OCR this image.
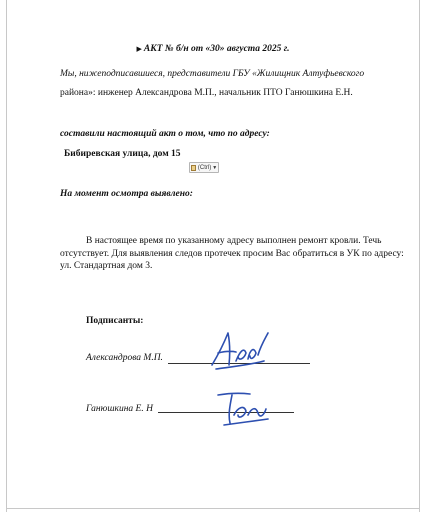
▶ АКТ № б/н от «30» августа 2025 г.
Мы, нижеподписавшиеся, представители ГБУ «Жилищник Алтуфьевского
района»: инженер Александрова М.П., начальник ПТО Ганюшкина Е.Н.
составили настоящий акт о том, что по адресу:
Бибиревская улица, дом 15
(Ctrl) ▼
На момент осмотра выявлено:

В настоящее время по указанному адресу выполнен ремонт кровли. Течь отсутствует. Для выявления следов протечек просим Вас обратиться в УК по адресу: ул. Стандартная дом 3.

Подписанты:
Александрова М.П.
Ганюшкина Е. Н
